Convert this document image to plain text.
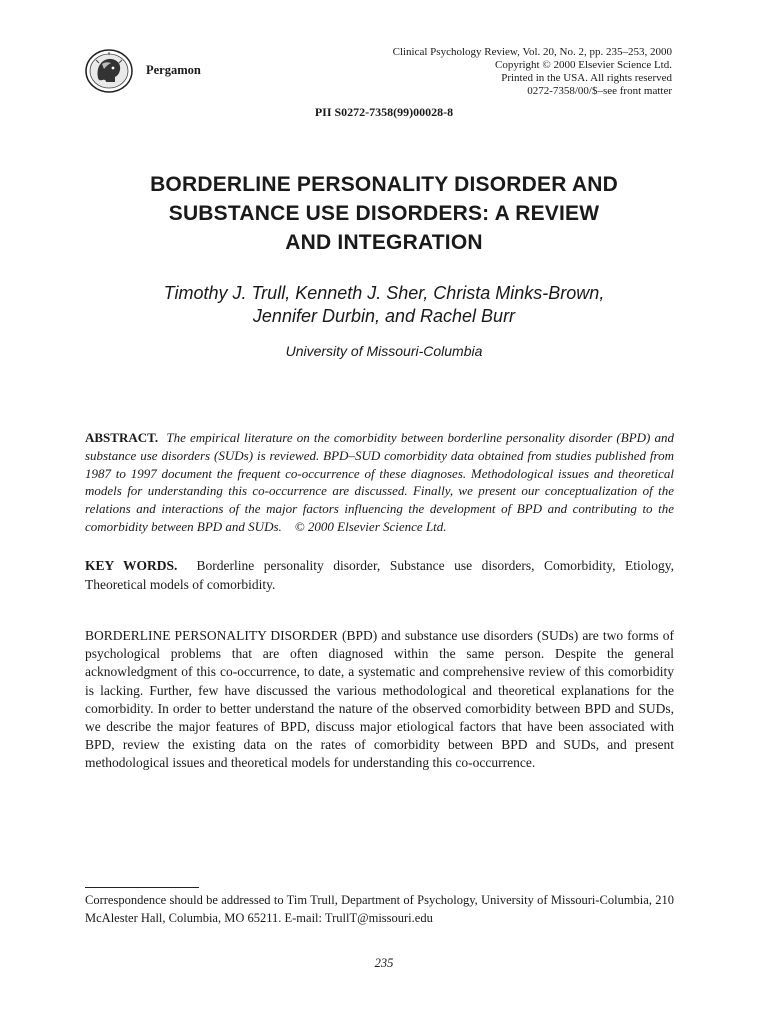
Pergamon
Clinical Psychology Review, Vol. 20, No. 2, pp. 235–253, 2000
Copyright © 2000 Elsevier Science Ltd.
Printed in the USA. All rights reserved
0272-7358/00/$–see front matter
PII S0272-7358(99)00028-8
BORDERLINE PERSONALITY DISORDER AND
SUBSTANCE USE DISORDERS: A REVIEW
AND INTEGRATION
Timothy J. Trull, Kenneth J. Sher, Christa Minks-Brown,
Jennifer Durbin, and Rachel Burr
University of Missouri-Columbia
ABSTRACT. The empirical literature on the comorbidity between borderline personality disorder (BPD) and substance use disorders (SUDs) is reviewed. BPD–SUD comorbidity data obtained from studies published from 1987 to 1997 document the frequent co-occurrence of these diagnoses. Methodological issues and theoretical models for understanding this co-occurrence are discussed. Finally, we present our conceptualization of the relations and interactions of the major factors influencing the development of BPD and contributing to the comorbidity between BPD and SUDs. © 2000 Elsevier Science Ltd.
KEY WORDS. Borderline personality disorder, Substance use disorders, Comorbidity, Etiology, Theoretical models of comorbidity.
BORDERLINE PERSONALITY DISORDER (BPD) and substance use disorders (SUDs) are two forms of psychological problems that are often diagnosed within the same person. Despite the general acknowledgment of this co-occurrence, to date, a systematic and comprehensive review of this comorbidity is lacking. Further, few have discussed the various methodological and theoretical explanations for the comorbidity. In order to better understand the nature of the observed comorbidity between BPD and SUDs, we describe the major features of BPD, discuss major etiological factors that have been associated with BPD, review the existing data on the rates of comorbidity between BPD and SUDs, and present methodological issues and theoretical models for understanding this co-occurrence.
Correspondence should be addressed to Tim Trull, Department of Psychology, University of Missouri-Columbia, 210 McAlester Hall, Columbia, MO 65211. E-mail: TrullT@missouri.edu
235
